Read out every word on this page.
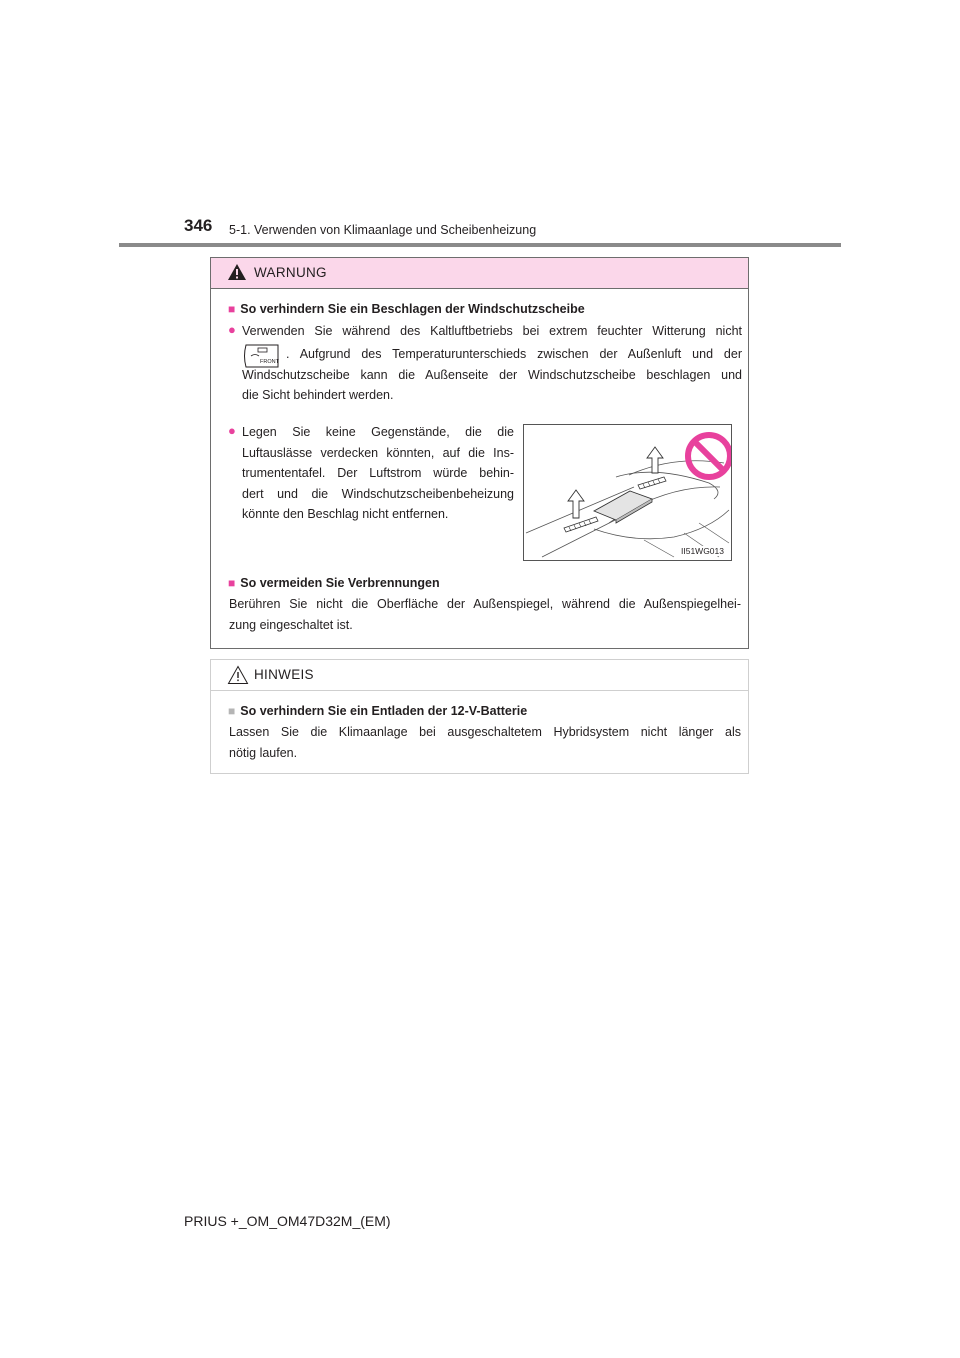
346 5-1. Verwenden von Klimaanlage und Scheibenheizung
WARNUNG
■ So verhindern Sie ein Beschlagen der Windschutzscheibe
● Verwenden Sie während des Kaltluftbetriebs bei extrem feuchter Witterung nicht
FRONT
. Aufgrund des Temperaturunterschieds zwischen der Außenluft und der
Windschutzscheibe kann die Außenseite der Windschutzscheibe beschlagen und
die Sicht behindert werden.
● Legen Sie keine Gegenstände, die die
Luftauslässe verdecken könnten, auf die Ins-
trumententafel. Der Luftstrom würde behin-
dert und die Windschutzscheibenbeheizung
könnte den Beschlag nicht entfernen.
II51WG013
■ So vermeiden Sie Verbrennungen
Berühren Sie nicht die Oberfläche der Außenspiegel, während die Außenspiegelhei-
zung eingeschaltet ist.
HINWEIS
■ So verhindern Sie ein Entladen der 12-V-Batterie
Lassen Sie die Klimaanlage bei ausgeschaltetem Hybridsystem nicht länger als
nötig laufen.
PRIUS +_OM_OM47D32M_(EM)
